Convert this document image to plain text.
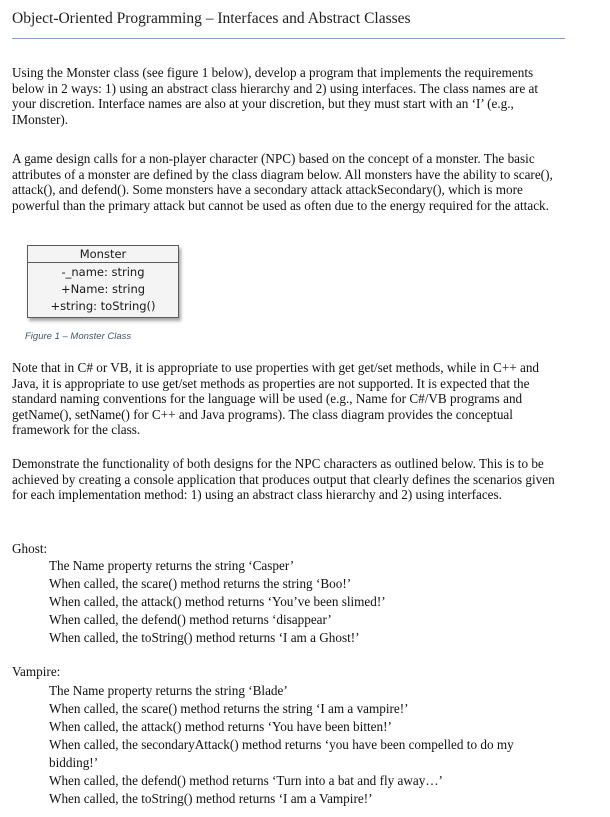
Object-Oriented Programming – Interfaces and Abstract Classes

Using the Monster class (see figure 1 below), develop a program that implements the requirements below in 2 ways: 1) using an abstract class hierarchy and 2) using interfaces. The class names are at your discretion. Interface names are also at your discretion, but they must start with an ‘I’ (e.g., IMonster).

A game design calls for a non-player character (NPC) based on the concept of a monster. The basic attributes of a monster are defined by the class diagram below. All monsters have the ability to scare(), attack(), and defend(). Some monsters have a secondary attack attackSecondary(), which is more powerful than the primary attack but cannot be used as often due to the energy required for the attack.

Monster
-_name: string
+Name: string
+string: toString()
Figure 1 – Monster Class

Note that in C# or VB, it is appropriate to use properties with get get/set methods, while in C++ and Java, it is appropriate to use get/set methods as properties are not supported. It is expected that the standard naming conventions for the language will be used (e.g., Name for C#/VB programs and getName(), setName() for C++ and Java programs). The class diagram provides the conceptual framework for the class.

Demonstrate the functionality of both designs for the NPC characters as outlined below. This is to be achieved by creating a console application that produces output that clearly defines the scenarios given for each implementation method: 1) using an abstract class hierarchy and 2) using interfaces.

Ghost:
The Name property returns the string ‘Casper’
When called, the scare() method returns the string ‘Boo!’
When called, the attack() method returns ‘You’ve been slimed!’
When called, the defend() method returns ‘disappear’
When called, the toString() method returns ‘I am a Ghost!’
Vampire:
The Name property returns the string ‘Blade’
When called, the scare() method returns the string ‘I am a vampire!’
When called, the attack() method returns ‘You have been bitten!’
When called, the secondaryAttack() method returns ‘you have been compelled to do my bidding!’
When called, the defend() method returns ‘Turn into a bat and fly away…’
When called, the toString() method returns ‘I am a Vampire!’
